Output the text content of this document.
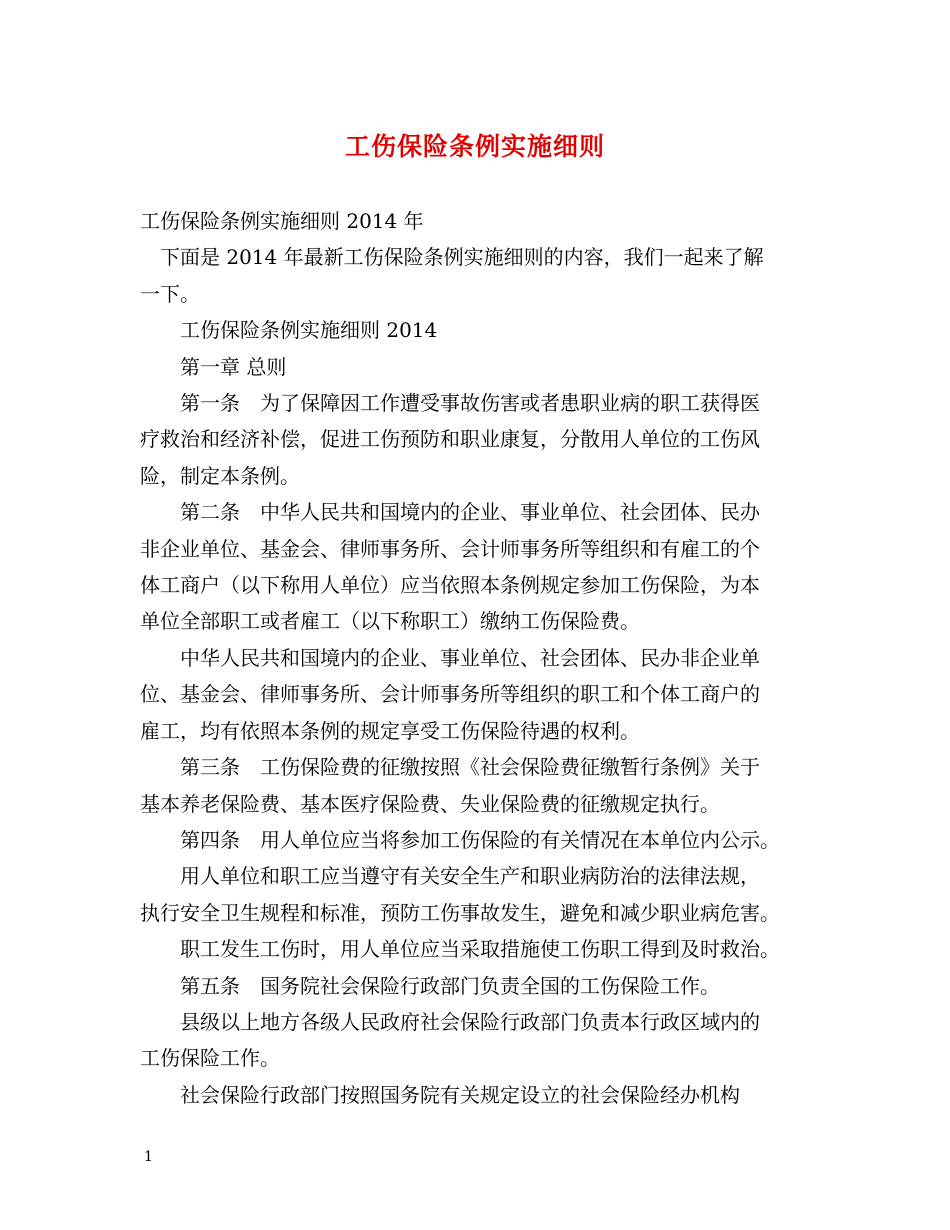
工伤保险条例实施细则

工伤保险条例实施细则 2014 年

　下面是 2014 年最新工伤保险条例实施细则的内容，我们一起来了解

一下。

　　工伤保险条例实施细则 2014

　　第一章 总则

　　第一条　为了保障因工作遭受事故伤害或者患职业病的职工获得医

疗救治和经济补偿，促进工伤预防和职业康复，分散用人单位的工伤风

险，制定本条例。

　　第二条　中华人民共和国境内的企业、事业单位、社会团体、民办

非企业单位、基金会、律师事务所、会计师事务所等组织和有雇工的个

体工商户（以下称用人单位）应当依照本条例规定参加工伤保险，为本

单位全部职工或者雇工（以下称职工）缴纳工伤保险费。

　　中华人民共和国境内的企业、事业单位、社会团体、民办非企业单

位、基金会、律师事务所、会计师事务所等组织的职工和个体工商户的

雇工，均有依照本条例的规定享受工伤保险待遇的权利。

　　第三条　工伤保险费的征缴按照《社会保险费征缴暂行条例》关于

基本养老保险费、基本医疗保险费、失业保险费的征缴规定执行。

　　第四条　用人单位应当将参加工伤保险的有关情况在本单位内公示。

　　用人单位和职工应当遵守有关安全生产和职业病防治的法律法规，

执行安全卫生规程和标准，预防工伤事故发生，避免和减少职业病危害。

　　职工发生工伤时，用人单位应当采取措施使工伤职工得到及时救治。

　　第五条　国务院社会保险行政部门负责全国的工伤保险工作。

　　县级以上地方各级人民政府社会保险行政部门负责本行政区域内的

工伤保险工作。

　　社会保险行政部门按照国务院有关规定设立的社会保险经办机构

1
